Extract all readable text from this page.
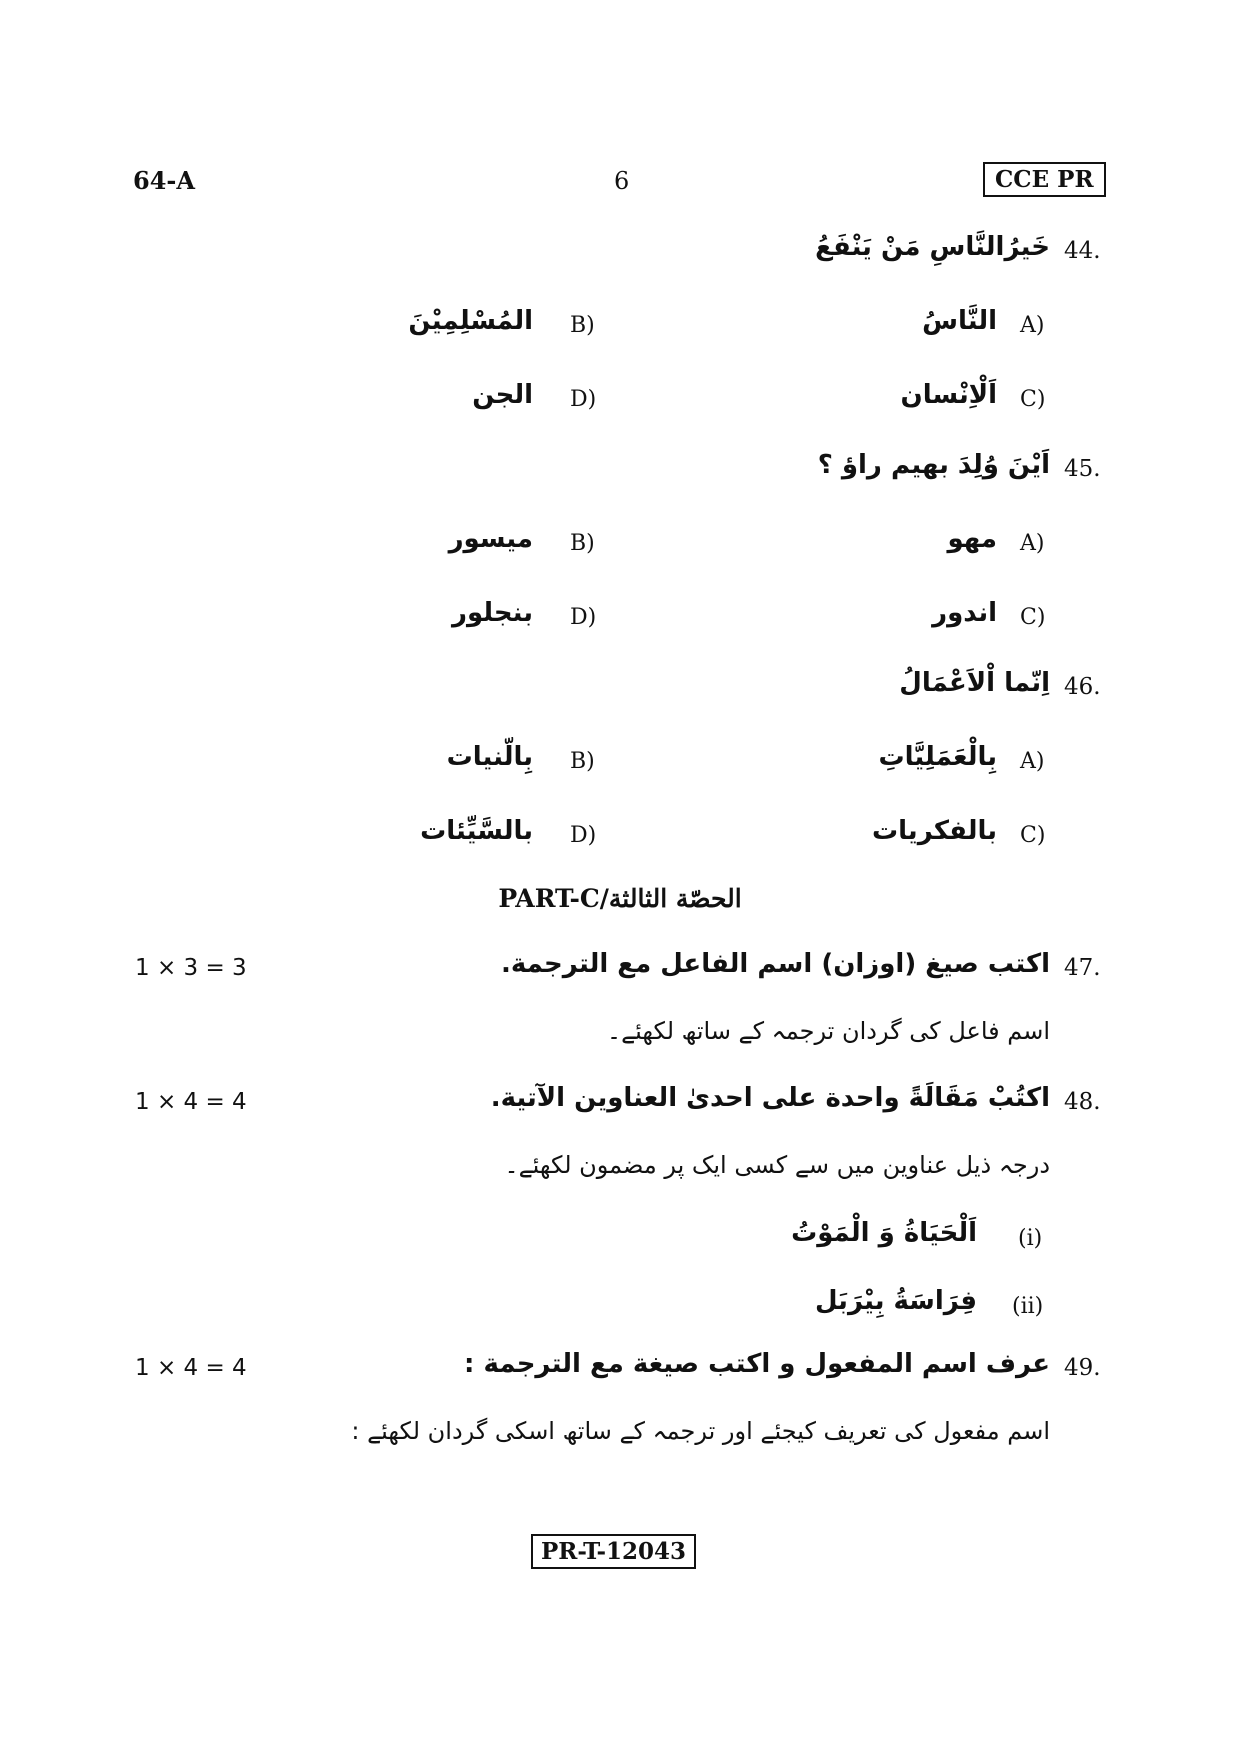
64-A	6	CCE PR
44.
خَيرُالنَّاسِ مَنْ يَنْفَعُ
A)
النَّاسُ
B)
المُسْلِمِيْنَ
C)
اَلْاِنْسان
D)
الجن
45.
اَيْنَ وُلِدَ بهيم راؤ ؟
A)
مهو
B)
ميسور
C)
اندور
D)
بنجلور
46.
اِنّما اْلاَعْمَالُ
A)
بِالْعَمَلِيَّاتِ
B)
بِالّنيات
C)
بالفكريات
D)
بالسَّيِّئات
PART-C/الحصّة الثالثة
1 × 3 = 3	47.
اكتب صيغ (اوزان) اسم الفاعل مع الترجمة.
اسم فاعل کی گردان ترجمہ کے ساتھ لکھئے۔
1 × 4 = 4	48.
اكتُبْ مَقَالَةً واحدة على احدیٰ العناوين الآتية.
درجہ ذیل عناوین میں سے کسی ایک پر مضمون لکھئے۔
(i)
اَلْحَيَاةُ وَ الْمَوْتُ
(ii)
فِرَاسَةُ بِيْرَبَل
1 × 4 = 4	49.
عرف اسم المفعول و اكتب صيغة مع الترجمة :
اسم مفعول کی تعریف کیجئے اور ترجمہ کے ساتھ اسکی گردان لکھئے :
PR-T-12043
